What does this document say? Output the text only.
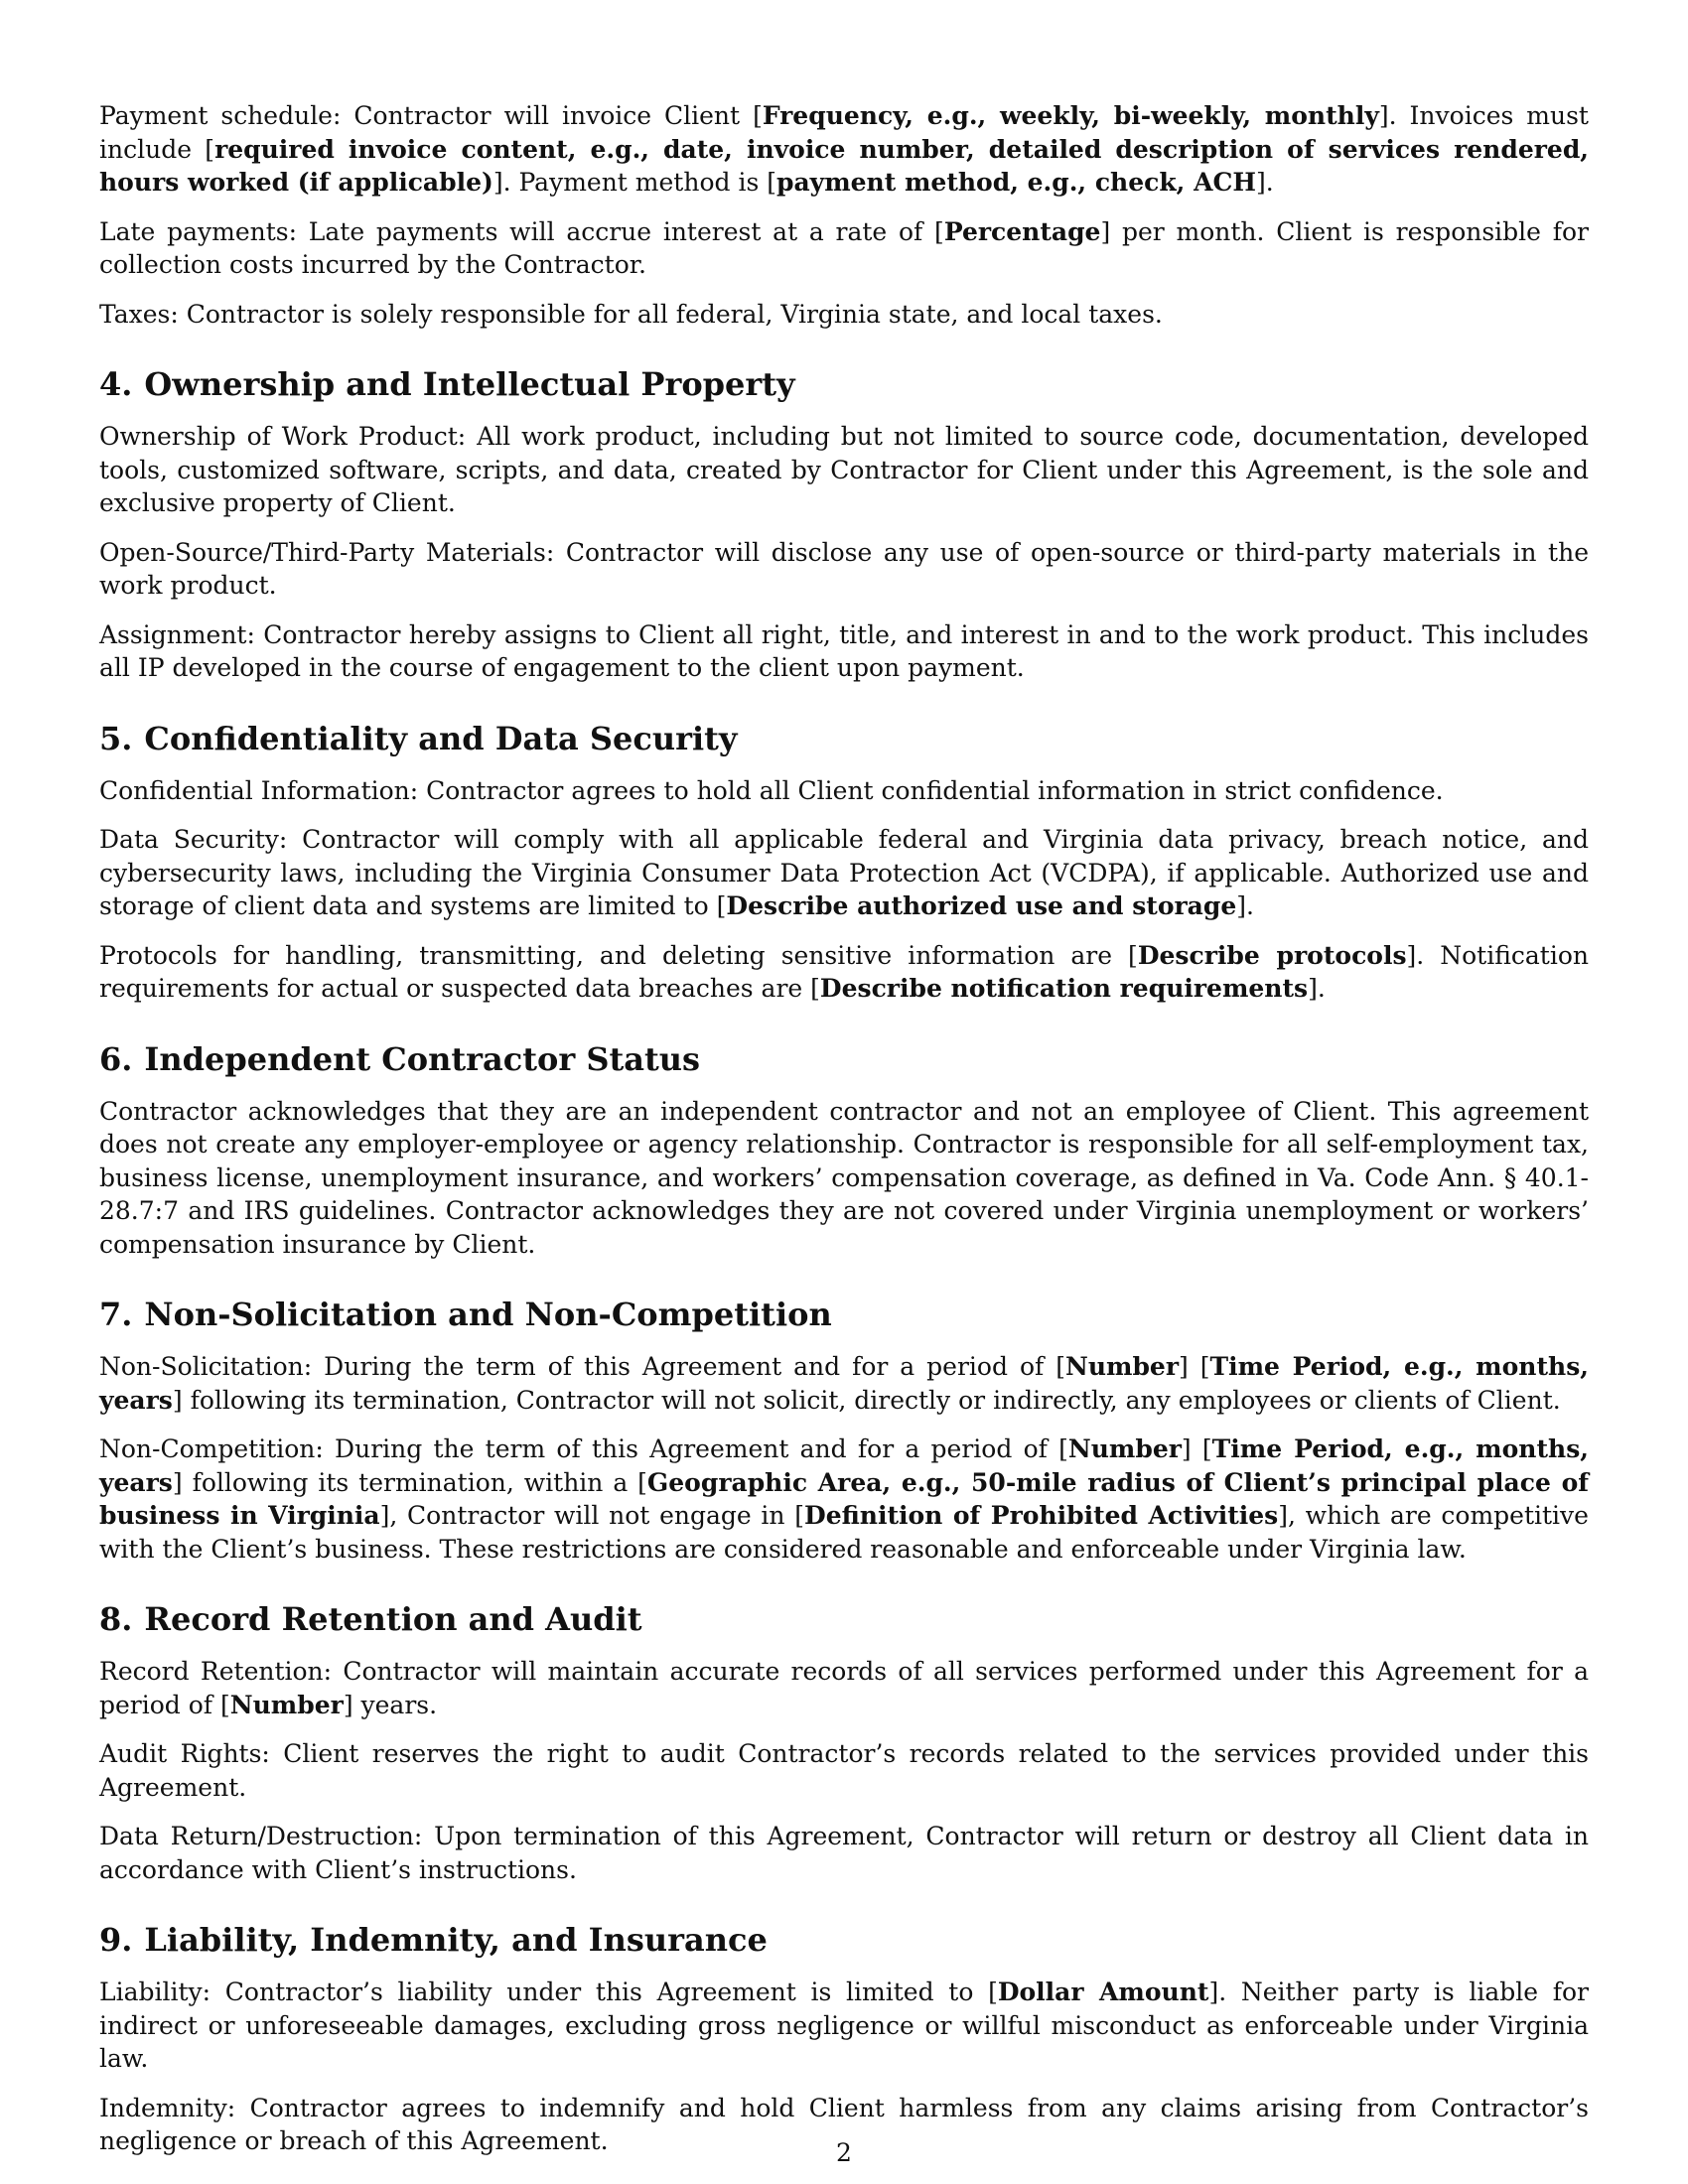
Payment schedule: Contractor will invoice Client [Frequency, e.g., weekly, bi-weekly, monthly]. Invoices must include [required invoice content, e.g., date, invoice number, detailed description of services rendered, hours worked (if applicable)]. Payment method is [payment method, e.g., check, ACH].

Late payments: Late payments will accrue interest at a rate of [Percentage] per month. Client is responsible for collection costs incurred by the Contractor.

Taxes: Contractor is solely responsible for all federal, Virginia state, and local taxes.

4. Ownership and Intellectual Property

Ownership of Work Product: All work product, including but not limited to source code, documentation, developed tools, customized software, scripts, and data, created by Contractor for Client under this Agreement, is the sole and exclusive property of Client.

Open-Source/Third-Party Materials: Contractor will disclose any use of open-source or third-party materials in the work product.

Assignment: Contractor hereby assigns to Client all right, title, and interest in and to the work product. This includes all IP developed in the course of engagement to the client upon payment.

5. Confidentiality and Data Security

Confidential Information: Contractor agrees to hold all Client confidential information in strict confidence.

Data Security: Contractor will comply with all applicable federal and Virginia data privacy, breach notice, and cybersecurity laws, including the Virginia Consumer Data Protection Act (VCDPA), if applicable. Authorized use and storage of client data and systems are limited to [Describe authorized use and storage].

Protocols for handling, transmitting, and deleting sensitive information are [Describe protocols]. Notification requirements for actual or suspected data breaches are [Describe notification requirements].

6. Independent Contractor Status

Contractor acknowledges that they are an independent contractor and not an employee of Client. This agreement does not create any employer-employee or agency relationship. Contractor is responsible for all self-employment tax, business license, unemployment insurance, and workers’ compensation coverage, as defined in Va. Code Ann. § 40.1-28.7:7 and IRS guidelines. Contractor acknowledges they are not covered under Virginia unemployment or workers’ compensation insurance by Client.

7. Non-Solicitation and Non-Competition

Non-Solicitation: During the term of this Agreement and for a period of [Number] [Time Period, e.g., months, years] following its termination, Contractor will not solicit, directly or indirectly, any employees or clients of Client.

Non-Competition: During the term of this Agreement and for a period of [Number] [Time Period, e.g., months, years] following its termination, within a [Geographic Area, e.g., 50-mile radius of Client’s principal place of business in Virginia], Contractor will not engage in [Definition of Prohibited Activities], which are competitive with the Client’s business. These restrictions are considered reasonable and enforceable under Virginia law.

8. Record Retention and Audit

Record Retention: Contractor will maintain accurate records of all services performed under this Agreement for a period of [Number] years.

Audit Rights: Client reserves the right to audit Contractor’s records related to the services provided under this Agreement.

Data Return/Destruction: Upon termination of this Agreement, Contractor will return or destroy all Client data in accordance with Client’s instructions.

9. Liability, Indemnity, and Insurance

Liability: Contractor’s liability under this Agreement is limited to [Dollar Amount]. Neither party is liable for indirect or unforeseeable damages, excluding gross negligence or willful misconduct as enforceable under Virginia law.

Indemnity: Contractor agrees to indemnify and hold Client harmless from any claims arising from Contractor’s negligence or breach of this Agreement.	2
